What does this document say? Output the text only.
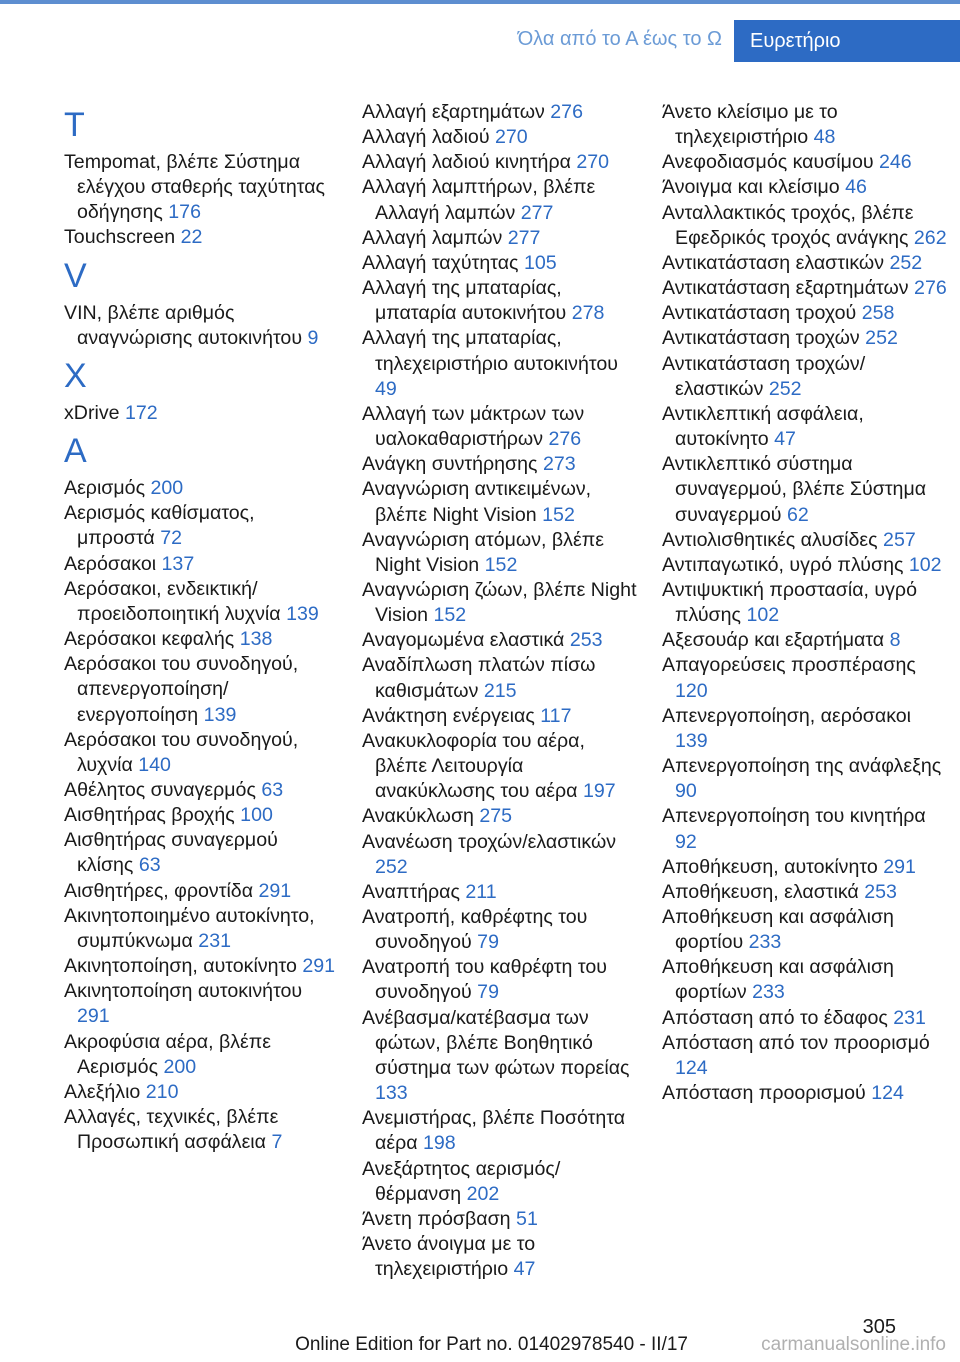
Όλα από το Α έως το Ω	Ευρετήριο
T
Tempomat, βλέπε Σύστημα ελέγχου σταθερής ταχύτητας οδήγησης 176
Touchscreen 22
V
VIN, βλέπε αριθμός αναγνώρισης αυτοκινήτου 9
X
xDrive 172
Α
Αερισμός 200
Αερισμός καθίσματος, μπροστά 72
Αερόσακοι 137
Αερόσακοι, ενδεικτική/προειδοποιητική λυχνία 139
Αερόσακοι κεφαλής 138
Αερόσακοι του συνοδηγού, απενεργοποίηση/ενεργοποίηση 139
Αερόσακοι του συνοδηγού, λυχνία 140
Αθέλητος συναγερμός 63
Αισθητήρας βροχής 100
Αισθητήρας συναγερμού κλίσης 63
Αισθητήρες, φροντίδα 291
Ακινητοποιημένο αυτοκίνητο, συμπύκνωμα 231
Ακινητοποίηση, αυτοκίνητο 291
Ακινητοποίηση αυτοκινήτου 291
Ακροφύσια αέρα, βλέπε Αερισμός 200
Αλεξήλιο 210
Αλλαγές, τεχνικές, βλέπε Προσωπική ασφάλεια 7
Αλλαγή εξαρτημάτων 276
Αλλαγή λαδιού 270
Αλλαγή λαδιού κινητήρα 270
Αλλαγή λαμπτήρων, βλέπε Αλλαγή λαμπών 277
Αλλαγή λαμπών 277
Αλλαγή ταχύτητας 105
Αλλαγή της μπαταρίας, μπαταρία αυτοκινήτου 278
Αλλαγή της μπαταρίας, τηλεχειριστήριο αυτοκινήτου 49
Αλλαγή των μάκτρων των υαλοκαθαριστήρων 276
Ανάγκη συντήρησης 273
Αναγνώριση αντικειμένων, βλέπε Night Vision 152
Αναγνώριση ατόμων, βλέπε Night Vision 152
Αναγνώριση ζώων, βλέπε Night Vision 152
Αναγομωμένα ελαστικά 253
Αναδίπλωση πλατών πίσω καθισμάτων 215
Ανάκτηση ενέργειας 117
Ανακυκλοφορία του αέρα, βλέπε Λειτουργία ανακύκλωσης του αέρα 197
Ανακύκλωση 275
Ανανέωση τροχών/ελαστικών 252
Αναπτήρας 211
Ανατροπή, καθρέφτης του συνοδηγού 79
Ανατροπή του καθρέφτη του συνοδηγού 79
Ανέβασμα/κατέβασμα των φώτων, βλέπε Βοηθητικό σύστημα των φώτων πορείας 133
Ανεμιστήρας, βλέπε Ποσότητα αέρα 198
Ανεξάρτητος αερισμός/θέρμανση 202
Άνετη πρόσβαση 51
Άνετο άνοιγμα με το τηλεχειριστήριο 47
Άνετο κλείσιμο με το τηλεχειριστήριο 48
Ανεφοδιασμός καυσίμου 246
Άνοιγμα και κλείσιμο 46
Ανταλλακτικός τροχός, βλέπε Εφεδρικός τροχός ανάγκης 262
Αντικατάσταση ελαστικών 252
Αντικατάσταση εξαρτημάτων 276
Αντικατάσταση τροχού 258
Αντικατάσταση τροχών 252
Αντικατάσταση τροχών/ελαστικών 252
Αντικλεπτική ασφάλεια, αυτοκίνητο 47
Αντικλεπτικό σύστημα συναγερμού, βλέπε Σύστημα συναγερμού 62
Αντιολισθητικές αλυσίδες 257
Αντιπαγωτικό, υγρό πλύσης 102
Αντιψυκτική προστασία, υγρό πλύσης 102
Αξεσουάρ και εξαρτήματα 8
Απαγορεύσεις προσπέρασης 120
Απενεργοποίηση, αερόσακοι 139
Απενεργοποίηση της ανάφλεξης 90
Απενεργοποίηση του κινητήρα 92
Αποθήκευση, αυτοκίνητο 291
Αποθήκευση, ελαστικά 253
Αποθήκευση και ασφάλιση φορτίου 233
Αποθήκευση και ασφάλιση φορτίων 233
Απόσταση από το έδαφος 231
Απόσταση από τον προορισμό 124
Απόσταση προορισμού 124
305
Online Edition for Part no. 01402978540 - II/17	carmanualsonline.info
